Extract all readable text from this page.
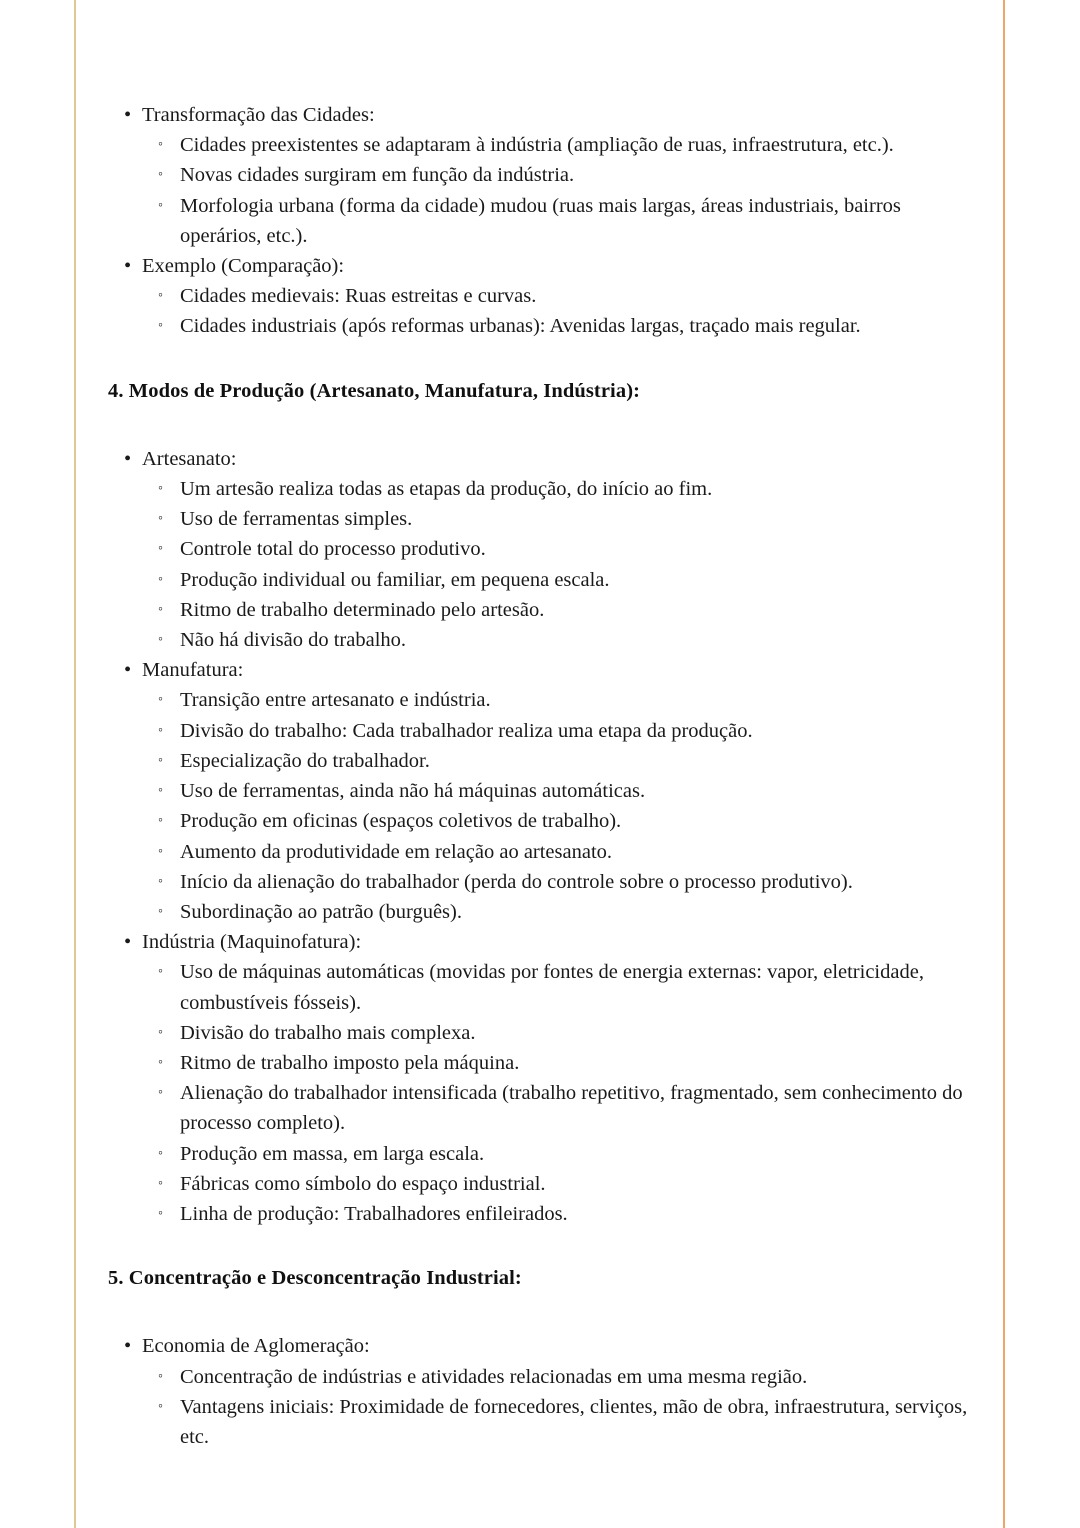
• Transformação das Cidades:
◦ Cidades preexistentes se adaptaram à indústria (ampliação de ruas, infraestrutura, etc.).
◦ Novas cidades surgiram em função da indústria.
◦ Morfologia urbana (forma da cidade) mudou (ruas mais largas, áreas industriais, bairros operários, etc.).
• Exemplo (Comparação):
◦ Cidades medievais: Ruas estreitas e curvas.
◦ Cidades industriais (após reformas urbanas): Avenidas largas, traçado mais regular.
4. Modos de Produção (Artesanato, Manufatura, Indústria):
• Artesanato:
◦ Um artesão realiza todas as etapas da produção, do início ao fim.
◦ Uso de ferramentas simples.
◦ Controle total do processo produtivo.
◦ Produção individual ou familiar, em pequena escala.
◦ Ritmo de trabalho determinado pelo artesão.
◦ Não há divisão do trabalho.
• Manufatura:
◦ Transição entre artesanato e indústria.
◦ Divisão do trabalho: Cada trabalhador realiza uma etapa da produção.
◦ Especialização do trabalhador.
◦ Uso de ferramentas, ainda não há máquinas automáticas.
◦ Produção em oficinas (espaços coletivos de trabalho).
◦ Aumento da produtividade em relação ao artesanato.
◦ Início da alienação do trabalhador (perda do controle sobre o processo produtivo).
◦ Subordinação ao patrão (burguês).
• Indústria (Maquinofatura):
◦ Uso de máquinas automáticas (movidas por fontes de energia externas: vapor, eletricidade, combustíveis fósseis).
◦ Divisão do trabalho mais complexa.
◦ Ritmo de trabalho imposto pela máquina.
◦ Alienação do trabalhador intensificada (trabalho repetitivo, fragmentado, sem conhecimento do processo completo).
◦ Produção em massa, em larga escala.
◦ Fábricas como símbolo do espaço industrial.
◦ Linha de produção: Trabalhadores enfileirados.
5. Concentração e Desconcentração Industrial:
• Economia de Aglomeração:
◦ Concentração de indústrias e atividades relacionadas em uma mesma região.
◦ Vantagens iniciais: Proximidade de fornecedores, clientes, mão de obra, infraestrutura, serviços, etc.
